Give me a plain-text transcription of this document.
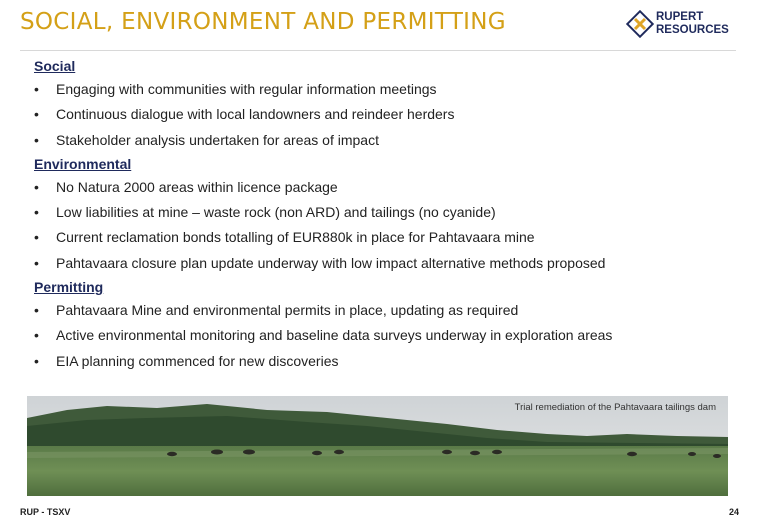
SOCIAL, ENVIRONMENT AND PERMITTING	RUPERT
RESOURCES
Social
• Engaging with communities with regular information meetings
• Continuous dialogue with local landowners and reindeer herders
• Stakeholder analysis undertaken for areas of impact
Environmental
• No Natura 2000 areas within licence package
• Low liabilities at mine – waste rock (non ARD) and tailings (no cyanide)
• Current reclamation bonds totalling of EUR880k in place for Pahtavaara mine
• Pahtavaara closure plan update underway with low impact alternative methods proposed
Permitting
• Pahtavaara Mine and environmental permits in place, updating as required
• Active environmental monitoring and baseline data surveys underway in exploration areas
• EIA planning commenced for new discoveries
Trial remediation of the Pahtavaara tailings dam
RUP - TSXV	24
